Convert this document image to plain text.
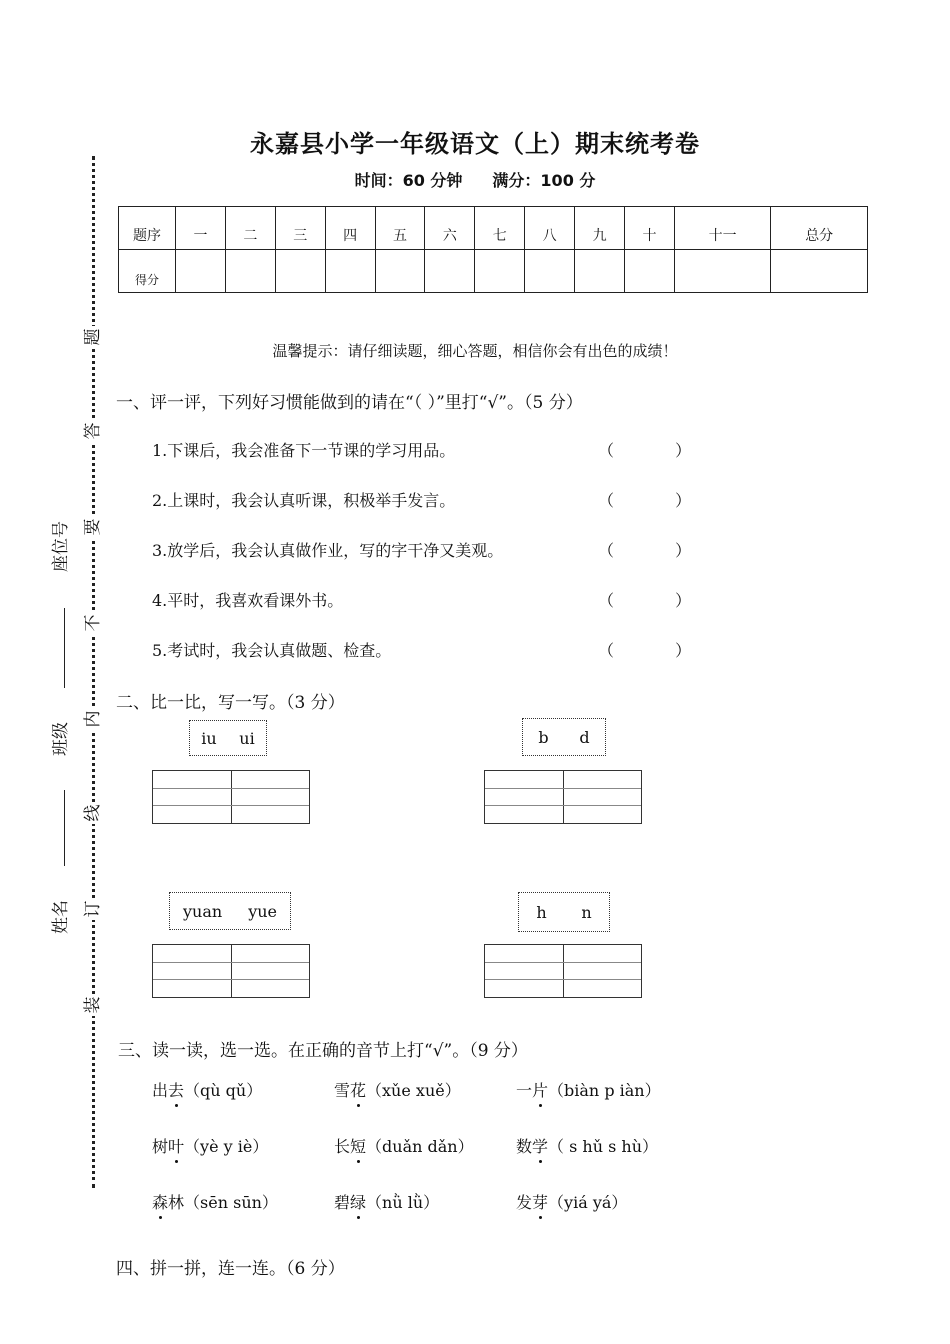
永嘉县小学一年级语文（上）期末统考卷
时间：60 分钟 满分：100 分
题序	一	二	三	四	五	六	七	八	九	十	十一	总分
得分												
题
答
要
不
内
线
订
装
座位号
班级
姓名
温馨提示：请仔细读题，细心答题，相信你会有出色的成绩！
一、评一评，下列好习惯能做到的请在“（ ）”里打“√”。（5 分）
1.下课后，我会准备下一节课的学习用品。	（ ）
2.上课时，我会认真听课，积极举手发言。	（ ）
3.放学后，我会认真做作业，写的字干净又美观。	（ ）
4.平时，我喜欢看课外书。	（ ）
5.考试时，我会认真做题、检查。	（ ）
二、比一比，写一写。（3 分）
iu ui	b d
yuan yue	h n
三、读一读，选一选。在正确的音节上打“√”。（9 分）
出去（qù qǔ）	雪花（xǔe xuě）	一片（biàn p iàn）
树叶（yè y iè）	长短（duǎn dǎn）	数学（ s hǔ s hù）
森林（sēn sūn）	碧绿（nǜ lǜ）	发芽（yiá yá）
四、拼一拼，连一连。（6 分）
